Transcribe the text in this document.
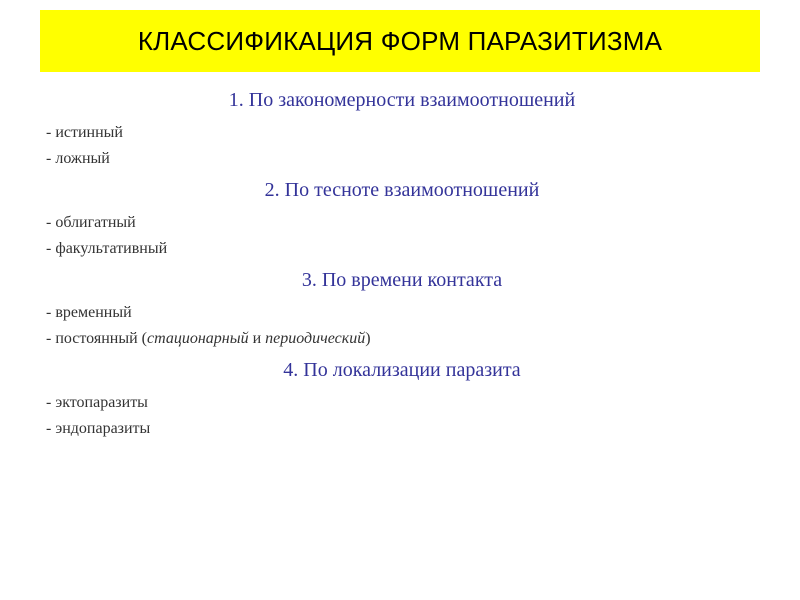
КЛАССИФИКАЦИЯ ФОРМ ПАРАЗИТИЗМА
1. По закономерности взаимоотношений
- истинный
- ложный
2. По тесноте взаимоотношений
- облигатный
- факультативный
3. По времени контакта
- временный
- постоянный (стационарный и периодический)
4. По локализации паразита
- эктопаразиты
- эндопаразиты
